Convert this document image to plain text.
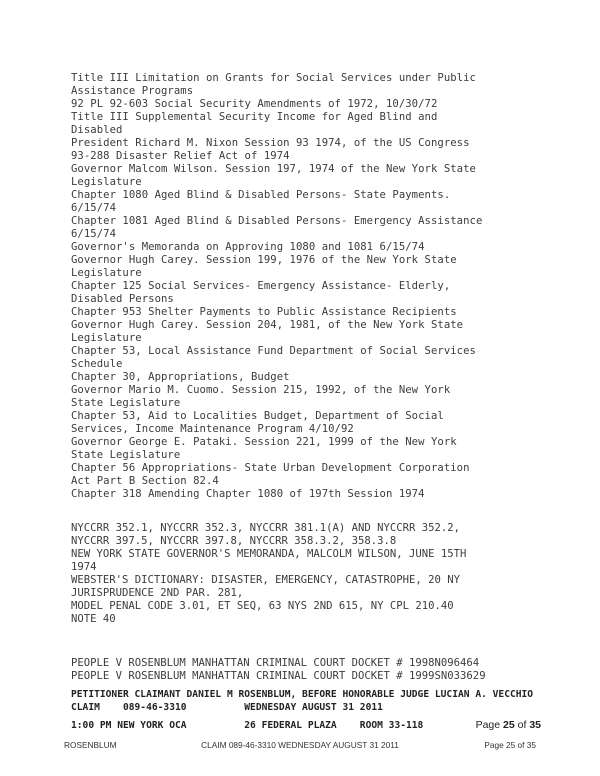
Title III Limitation on Grants for Social Services under Public
Assistance Programs
92 PL 92-603 Social Security Amendments of 1972, 10/30/72
Title III Supplemental Security Income for Aged Blind and
Disabled
President Richard M. Nixon Session 93 1974, of the US Congress
93-288 Disaster Relief Act of 1974
Governor Malcom Wilson. Session 197, 1974 of the New York State
Legislature
Chapter 1080 Aged Blind & Disabled Persons- State Payments.
6/15/74
Chapter 1081 Aged Blind & Disabled Persons- Emergency Assistance
6/15/74
Governor's Memoranda on Approving 1080 and 1081 6/15/74
Governor Hugh Carey. Session 199, 1976 of the New York State
Legislature
Chapter 125 Social Services- Emergency Assistance- Elderly,
Disabled Persons
Chapter 953 Shelter Payments to Public Assistance Recipients
Governor Hugh Carey. Session 204, 1981, of the New York State
Legislature
Chapter 53, Local Assistance Fund Department of Social Services
Schedule
Chapter 30, Appropriations, Budget
Governor Mario M. Cuomo. Session 215, 1992, of the New York
State Legislature
Chapter 53, Aid to Localities Budget, Department of Social
Services, Income Maintenance Program 4/10/92
Governor George E. Pataki. Session 221, 1999 of the New York
State Legislature
Chapter 56 Appropriations- State Urban Development Corporation
Act Part B Section 82.4
Chapter 318 Amending Chapter 1080 of 197th Session 1974
NYCCRR 352.1, NYCCRR 352.3, NYCCRR 381.1(A) AND NYCCRR 352.2,
NYCCRR 397.5, NYCCRR 397.8, NYCCRR 358.3.2, 358.3.8
NEW YORK STATE GOVERNOR'S MEMORANDA, MALCOLM WILSON, JUNE 15TH
1974
WEBSTER'S DICTIONARY: DISASTER, EMERGENCY, CATASTROPHE, 20 NY
JURISPRUDENCE 2ND PAR. 281,
MODEL PENAL CODE 3.01, ET SEQ, 63 NYS 2ND 615, NY CPL 210.40
NOTE 40
PEOPLE V ROSENBLUM MANHATTAN CRIMINAL COURT DOCKET # 1998N096464
PEOPLE V ROSENBLUM MANHATTAN CRIMINAL COURT DOCKET # 1999SN033629
PETITIONER CLAIMANT DANIEL M ROSENBLUM, BEFORE HONORABLE JUDGE LUCIAN A. VECCHIO
CLAIM    089-46-3310          WEDNESDAY AUGUST 31 2011
1:00 PM NEW YORK OCA          26 FEDERAL PLAZA    ROOM 33-118	Page 25 of 35
ROSENBLUM	CLAIM 089-46-3310 WEDNESDAY AUGUST 31 2011	Page 25 of 35
